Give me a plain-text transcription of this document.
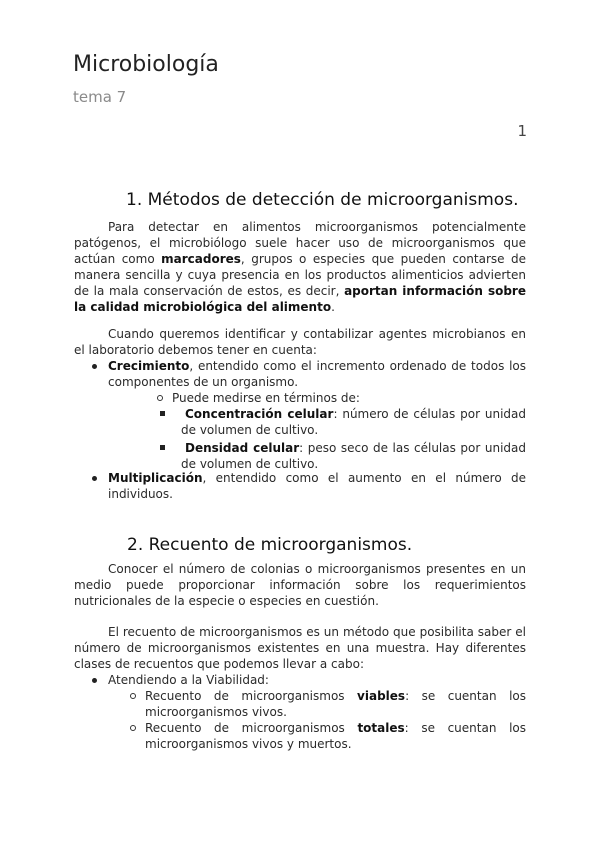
Microbiología
tema 7
1
1. Métodos de detección de microorganismos.

Para detectar en alimentos microorganismos potencialmente patógenos, el microbiólogo suele hacer uso de microorganismos que actúan como marcadores, grupos o especies que pueden contarse de manera sencilla y cuya presencia en los productos alimenticios advierten de la mala conservación de estos, es decir, aportan información sobre la calidad microbiológica del alimento.

Cuando queremos identificar y contabilizar agentes microbianos en el laboratorio debemos tener en cuenta:

Crecimiento, entendido como el incremento ordenado de todos los componentes de un organismo.
Puede medirse en términos de:
Concentración celular: número de células por unidad de volumen de cultivo.
Densidad celular: peso seco de las células por unidad de volumen de cultivo.
Multiplicación, entendido como el aumento en el número de individuos.
2. Recuento de microorganismos.

Conocer el número de colonias o microorganismos presentes en un medio puede proporcionar información sobre los requerimientos nutricionales de la especie o especies en cuestión.

El recuento de microorganismos es un método que posibilita saber el número de microorganismos existentes en una muestra. Hay diferentes clases de recuentos que podemos llevar a cabo:

Atendiendo a la Viabilidad:
Recuento de microorganismos viables: se cuentan los microorganismos vivos.
Recuento de microorganismos totales: se cuentan los microorganismos vivos y muertos.
